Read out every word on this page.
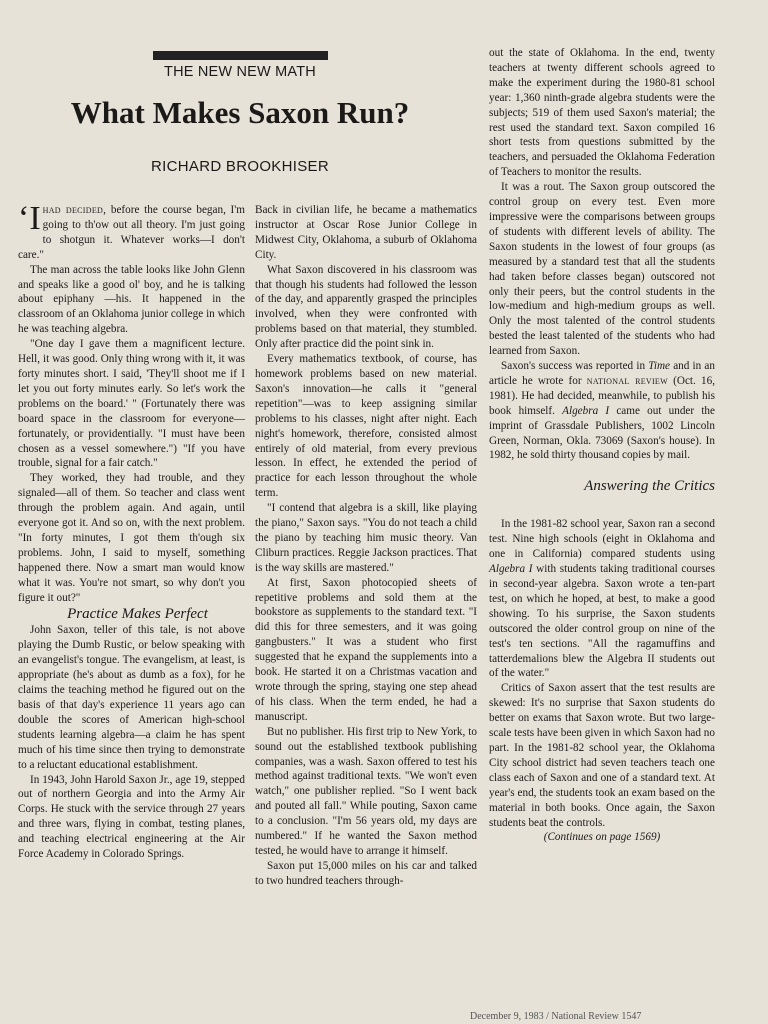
THE NEW NEW MATH
What Makes Saxon Run?
RICHARD BROOKHISER

‘Ihad decided, before the course began, I'm going to th'ow out all theory. I'm just going to shotgun it. Whatever works—I don't care."

The man across the table looks like John Glenn and speaks like a good ol' boy, and he is talking about epiphany —his. It happened in the classroom of an Oklahoma junior college in which he was teaching algebra.

"One day I gave them a magnificent lecture. Hell, it was good. Only thing wrong with it, it was forty minutes short. I said, 'They'll shoot me if I let you out forty minutes early. So let's work the problems on the board.' " (Fortunately there was board space in the classroom for everyone—fortunately, or providentially. "I must have been chosen as a vessel somewhere.") "If you have trouble, signal for a fair catch."

They worked, they had trouble, and they signaled—all of them. So teacher and class went through the problem again. And again, until everyone got it. And so on, with the next problem. "In forty minutes, I got them th'ough six problems. John, I said to myself, something happened there. Now a smart man would know what it was. You're not smart, so why don't you figure it out?"

Practice Makes Perfect

John Saxon, teller of this tale, is not above playing the Dumb Rustic, or below speaking with an evangelist's tongue. The evangelism, at least, is appropriate (he's about as dumb as a fox), for he claims the teaching method he figured out on the basis of that day's experience 11 years ago can double the scores of American high-school students learning algebra—a claim he has spent much of his time since then trying to demonstrate to a reluctant educational establishment.

In 1943, John Harold Saxon Jr., age 19, stepped out of northern Georgia and into the Army Air Corps. He stuck with the service through 27 years and three wars, flying in combat, testing planes, and teaching electrical engineering at the Air Force Academy in Colorado Springs.

Back in civilian life, he became a mathematics instructor at Oscar Rose Junior College in Midwest City, Oklahoma, a suburb of Oklahoma City.

What Saxon discovered in his classroom was that though his students had followed the lesson of the day, and apparently grasped the principles involved, when they were confronted with problems based on that material, they stumbled. Only after practice did the point sink in.

Every mathematics textbook, of course, has homework problems based on new material. Saxon's innovation—he calls it "general repetition"—was to keep assigning similar problems to his classes, night after night. Each night's homework, therefore, consisted almost entirely of old material, from every previous lesson. In effect, he extended the period of practice for each lesson throughout the whole term.

"I contend that algebra is a skill, like playing the piano," Saxon says. "You do not teach a child the piano by teaching him music theory. Van Cliburn practices. Reggie Jackson practices. That is the way skills are mastered."

At first, Saxon photocopied sheets of repetitive problems and sold them at the bookstore as supplements to the standard text. "I did this for three semesters, and it was going gangbusters." It was a student who first suggested that he expand the supplements into a book. He started it on a Christmas vacation and wrote through the spring, staying one step ahead of his class. When the term ended, he had a manuscript.

But no publisher. His first trip to New York, to sound out the established textbook publishing companies, was a wash. Saxon offered to test his method against traditional texts. "We won't even watch," one publisher replied. "So I went back and pouted all fall." While pouting, Saxon came to a conclusion. "I'm 56 years old, my days are numbered." If he wanted the Saxon method tested, he would have to arrange it himself.

Saxon put 15,000 miles on his car and talked to two hundred teachers through-

out the state of Oklahoma. In the end, twenty teachers at twenty different schools agreed to make the experiment during the 1980-81 school year: 1,360 ninth-grade algebra students were the subjects; 519 of them used Saxon's material; the rest used the standard text. Saxon compiled 16 short tests from questions submitted by the teachers, and persuaded the Oklahoma Federation of Teachers to monitor the results.

It was a rout. The Saxon group outscored the control group on every test. Even more impressive were the comparisons between groups of students with different levels of ability. The Saxon students in the lowest of four groups (as measured by a standard test that all the students had taken before classes began) outscored not only their peers, but the control students in the low-medium and high-medium groups as well. Only the most talented of the control students bested the least talented of the students who had learned from Saxon.

Saxon's success was reported in Time and in an article he wrote for national review (Oct. 16, 1981). He had decided, meanwhile, to publish his book himself. Algebra I came out under the imprint of Grassdale Publishers, 1002 Lincoln Green, Norman, Okla. 73069 (Saxon's house). In 1982, he sold thirty thousand copies by mail.

Answering the Critics

In the 1981-82 school year, Saxon ran a second test. Nine high schools (eight in Oklahoma and one in California) compared students using Algebra I with students taking traditional courses in second-year algebra. Saxon wrote a ten-part test, on which he hoped, at best, to make a good showing. To his surprise, the Saxon students outscored the older control group on nine of the test's ten sections. "All the ragamuffins and tatterdemalions blew the Algebra II students out of the water."

Critics of Saxon assert that the test results are skewed: It's no surprise that Saxon students do better on exams that Saxon wrote. But two large-scale tests have been given in which Saxon had no part. In the 1981-82 school year, the Oklahoma City school district had seven teachers teach one class each of Saxon and one of a standard text. At year's end, the students took an exam based on the material in both books. Once again, the Saxon students beat the controls.

(Continues on page 1569)

December 9, 1983 / National Review 1547
